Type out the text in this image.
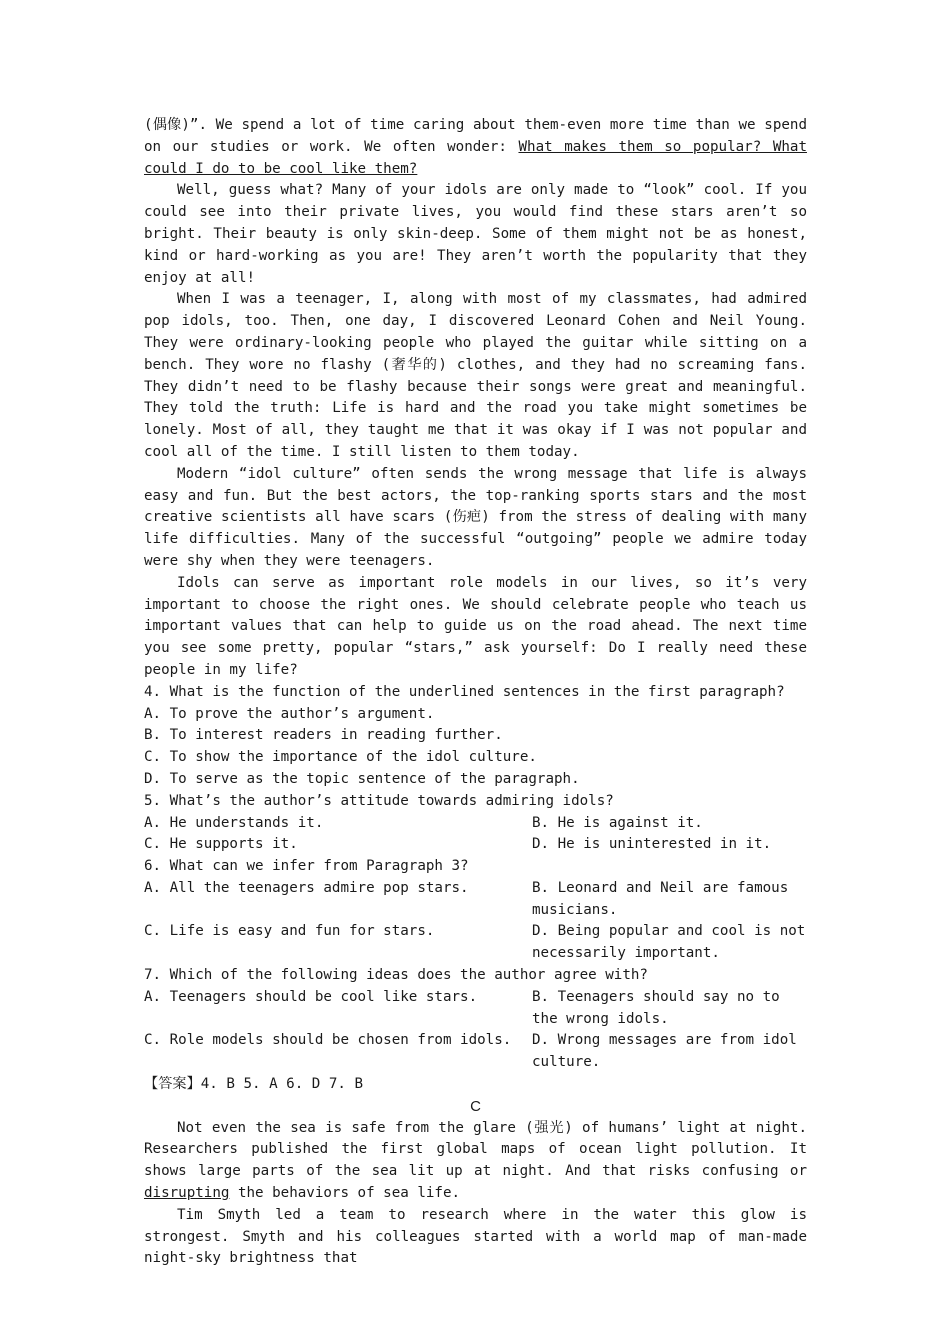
(偶像)”. We spend a lot of time caring about them-even more time than we spend on our studies or work. We often wonder: What makes them so popular? What could I do to be cool like them?
Well, guess what? Many of your idols are only made to “look” cool. If you could see into their private lives, you would find these stars aren’t so bright. Their beauty is only skin-deep. Some of them might not be as honest, kind or hard-working as you are! They aren’t worth the popularity that they enjoy at all!
When I was a teenager, I, along with most of my classmates, had admired pop idols, too. Then, one day, I discovered Leonard Cohen and Neil Young. They were ordinary-looking people who played the guitar while sitting on a bench. They wore no flashy (奢华的) clothes, and they had no screaming fans. They didn’t need to be flashy because their songs were great and meaningful. They told the truth: Life is hard and the road you take might sometimes be lonely. Most of all, they taught me that it was okay if I was not popular and cool all of the time. I still listen to them today.
Modern “idol culture” often sends the wrong message that life is always easy and fun. But the best actors, the top-ranking sports stars and the most creative scientists all have scars (伤疤) from the stress of dealing with many life difficulties. Many of the successful “outgoing” people we admire today were shy when they were teenagers.
Idols can serve as important role models in our lives, so it’s very important to choose the right ones. We should celebrate people who teach us important values that can help to guide us on the road ahead. The next time you see some pretty, popular “stars,” ask yourself: Do I really need these people in my life?
4. What is the function of the underlined sentences in the first paragraph?
A. To prove the author’s argument.
B. To interest readers in reading further.
C. To show the importance of the idol culture.
D. To serve as the topic sentence of the paragraph.
5. What’s the author’s attitude towards admiring idols?
A. He understands it.	B. He is against it.
C. He supports it.	D. He is uninterested in it.
6. What can we infer from Paragraph 3?
A. All the teenagers admire pop stars.	B. Leonard and Neil are famous musicians.
C. Life is easy and fun for stars.	D. Being popular and cool is not necessarily important.
7. Which of the following ideas does the author agree with?
A. Teenagers should be cool like stars.	B. Teenagers should say no to the wrong idols.
C. Role models should be chosen from idols.	D. Wrong messages are from idol culture.
【答案】4. B 5. A 6. D 7. B
C
Not even the sea is safe from the glare (强光) of humans’ light at night. Researchers published the first global maps of ocean light pollution. It shows large parts of the sea lit up at night. And that risks confusing or disrupting the behaviors of sea life.
Tim Smyth led a team to research where in the water this glow is strongest. Smyth and his colleagues started with a world map of man-made night-sky brightness that
